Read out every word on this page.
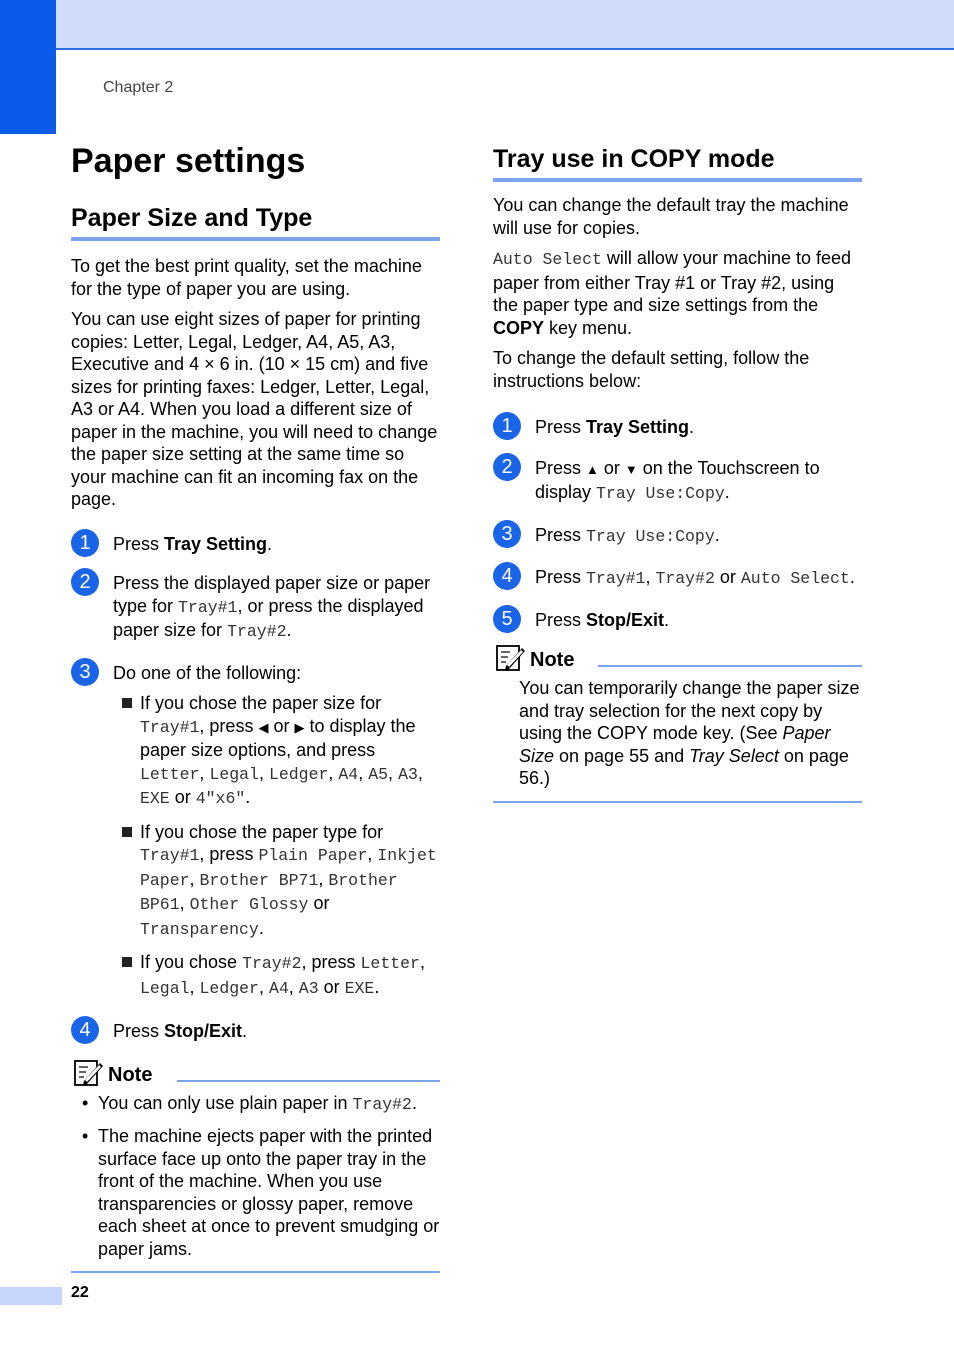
Chapter 2
Paper settings
Paper Size and Type

To get the best print quality, set the machine for the type of paper you are using.

You can use eight sizes of paper for printing copies: Letter, Legal, Ledger, A4, A5, A3, Executive and 4 × 6 in. (10 × 15 cm) and five sizes for printing faxes: Ledger, Letter, Legal, A3 or A4. When you load a different size of paper in the machine, you will need to change the paper size setting at the same time so your machine can fit an incoming fax on the page.

1	Press Tray Setting.
2	Press the displayed paper size or paper type for Tray#1, or press the displayed paper size for Tray#2.
3	Do one of the following:
If you chose the paper size for Tray#1, press ◀ or ▶ to display the paper size options, and press Letter, Legal, Ledger, A4, A5, A3, EXE or 4"x6".
If you chose the paper type for Tray#1, press Plain Paper, Inkjet Paper, Brother BP71, Brother BP61, Other Glossy or Transparency.
If you chose Tray#2, press Letter, Legal, Ledger, A4, A3 or EXE.
4	Press Stop/Exit.
Note
• You can only use plain paper in Tray#2.
• The machine ejects paper with the printed surface face up onto the paper tray in the front of the machine. When you use transparencies or glossy paper, remove each sheet at once to prevent smudging or paper jams.
Tray use in COPY mode

You can change the default tray the machine will use for copies.

Auto Select will allow your machine to feed paper from either Tray #1 or Tray #2, using the paper type and size settings from the COPY key menu.

To change the default setting, follow the instructions below:

1	Press Tray Setting.
2	Press ▲ or ▼ on the Touchscreen to display Tray Use:Copy.
3	Press Tray Use:Copy.
4	Press Tray#1, Tray#2 or Auto Select.
5	Press Stop/Exit.
Note

You can temporarily change the paper size and tray selection for the next copy by using the COPY mode key. (See Paper Size on page 55 and Tray Select on page 56.)

22
